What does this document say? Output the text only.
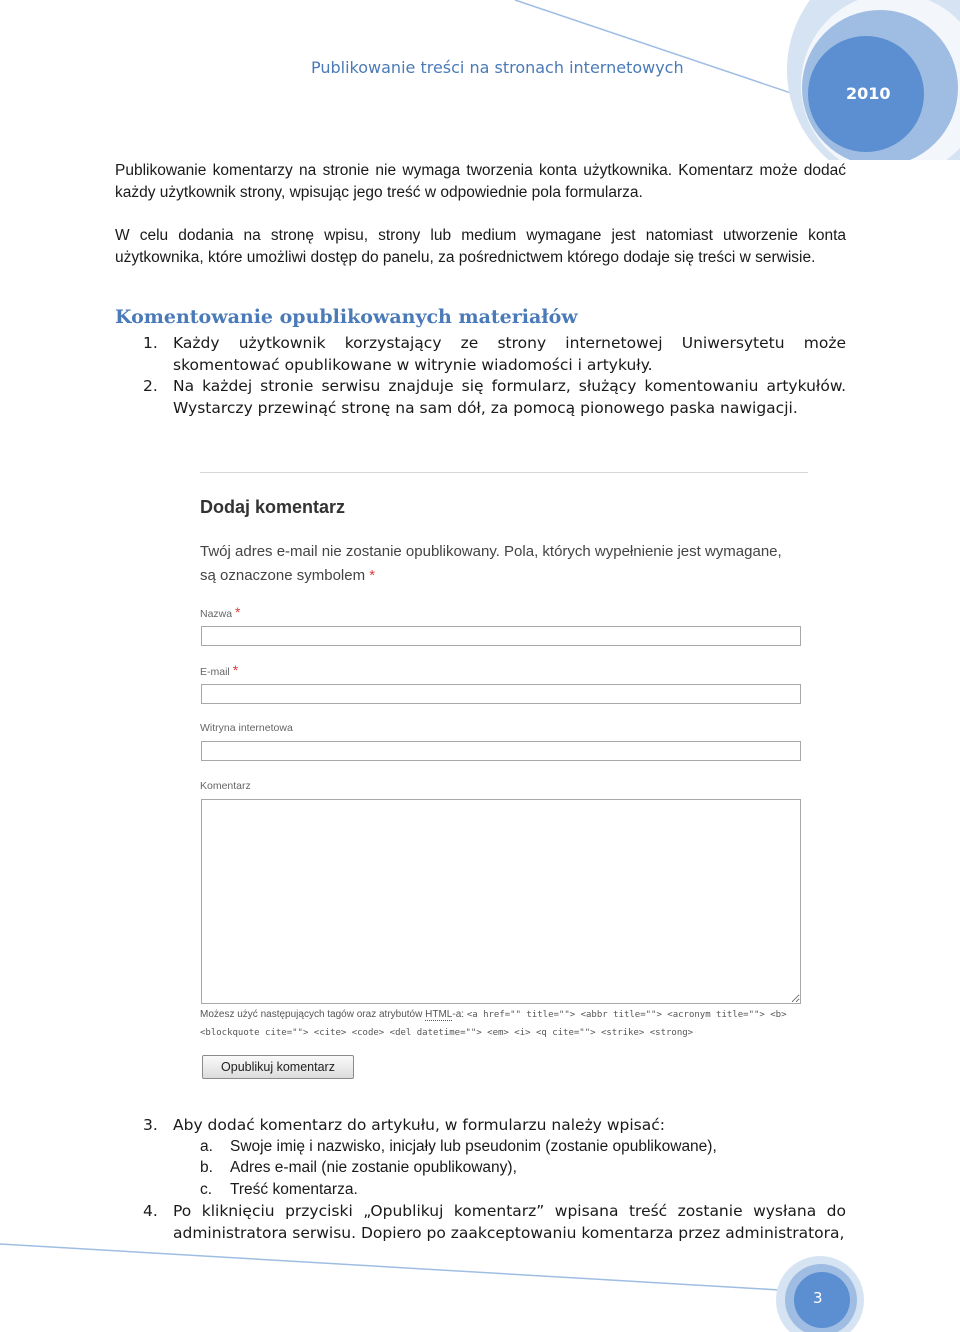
Publikowanie treści na stronach internetowych
2010
Publikowanie komentarzy na stronie nie wymaga tworzenia konta użytkownika. Komentarz może dodać każdy użytkownik strony, wpisując jego treść w odpowiednie pola formularza.
W celu dodania na stronę wpisu, strony lub medium wymagane jest natomiast utworzenie konta użytkownika, które umożliwi dostęp do panelu, za pośrednictwem którego dodaje się treści w serwisie.
Komentowanie opublikowanych materiałów
1. Każdy użytkownik korzystający ze strony internetowej Uniwersytetu może skomentować opublikowane w witrynie wiadomości i artykuły.
2. Na każdej stronie serwisu znajduje się formularz, służący komentowaniu artykułów. Wystarczy przewinąć stronę na sam dół, za pomocą pionowego paska nawigacji.
Dodaj komentarz
Twój adres e-mail nie zostanie opublikowany. Pola, których wypełnienie jest wymagane, są oznaczone symbolem *
Nazwa *
E-mail *
Witryna internetowa
Komentarz
Możesz użyć następujących tagów oraz atrybutów HTML-a: <a href="" title=""> <abbr title=""> <acronym title=""> <b>
<blockquote cite=""> <cite> <code> <del datetime=""> <em> <i> <q cite=""> <strike> <strong>
Opublikuj komentarz
3. Aby dodać komentarz do artykułu, w formularzu należy wpisać:
a. Swoje imię i nazwisko, inicjały lub pseudonim (zostanie opublikowane),
b. Adres e-mail (nie zostanie opublikowany),
c. Treść komentarza.
4. Po kliknięciu przyciski „Opublikuj komentarz” wpisana treść zostanie wysłana do administratora serwisu. Dopiero po zaakceptowaniu komentarza przez administratora,
3
